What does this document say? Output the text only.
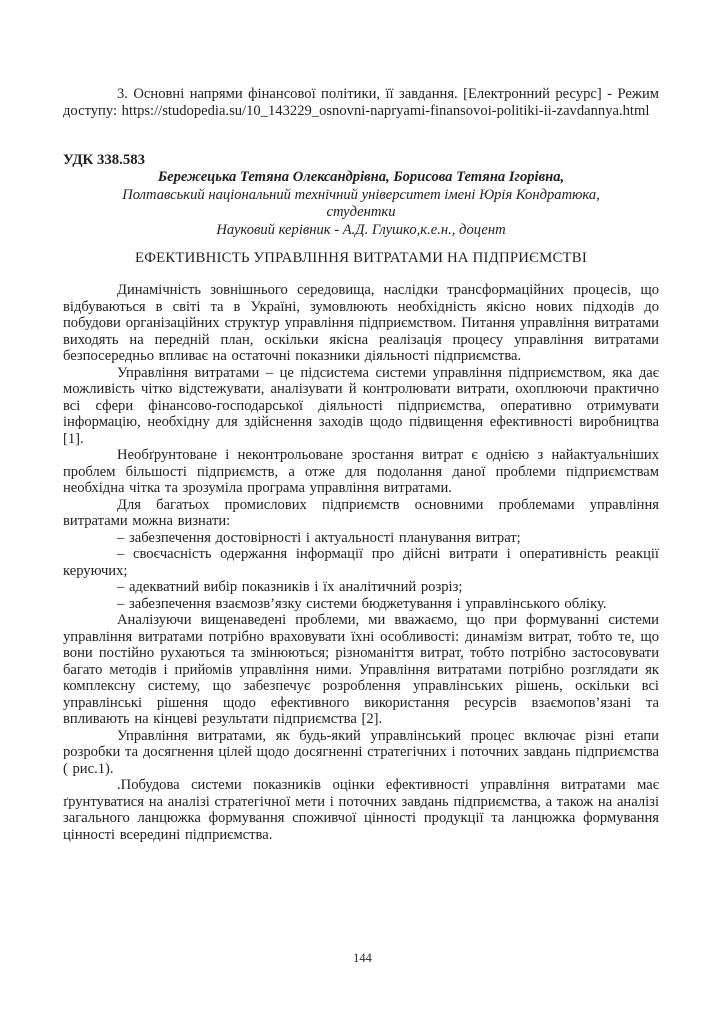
3. Основні напрями фінансової політики, її завдання. [Електронний ресурс] - Режим доступу: https://studopedia.su/10_143229_osnovni-napryami-finansovoi-politiki-ii-zavdannya.html

УДК 338.583

Бережецька Тетяна Олександрівна, Борисова Тетяна Ігорівна,

Полтавський національний технічний університет імені Юрія Кондратюка,

студентки

Науковий керівник - А.Д. Глушко,к.е.н., доцент

ЕФЕКТИВНІСТЬ УПРАВЛІННЯ ВИТРАТАМИ НА ПІДПРИЄМСТВІ

Динамічність зовнішнього середовища, наслідки трансформаційних процесів, що відбуваються в світі та в Україні, зумовлюють необхідність якісно нових підходів до побудови організаційних структур управління підприємством. Питання управління витратами виходять на передній план, оскільки якісна реалізація процесу управління витратами безпосередньо впливає на остаточні показники діяльності підприємства.

Управління витратами – це підсистема системи управління підприємством, яка дає можливість чітко відстежувати, аналізувати й контролювати витрати, охоплюючи практично всі сфери фінансово-господарської діяльності підприємства, оперативно отримувати інформацію, необхідну для здійснення заходів щодо підвищення ефективності виробництва [1].

Необґрунтоване і неконтрольоване зростання витрат є однією з найактуальніших проблем більшості підприємств, а отже для подолання даної проблеми підприємствам необхідна чітка та зрозуміла програма управління витратами.

Для багатьох промислових підприємств основними проблемами управління витратами можна визнати:

– забезпечення достовірності і актуальності планування витрат;

– своєчасність одержання інформації про дійсні витрати і оперативність реакції керуючих;

– адекватний вибір показників і їх аналітичний розріз;

– забезпечення взаємозв’язку системи бюджетування і управлінського обліку.

Аналізуючи вищенаведені проблеми, ми вважаємо, що при формуванні системи управління витратами потрібно враховувати їхні особливості: динамізм витрат, тобто те, що вони постійно рухаються та змінюються; різноманіття витрат, тобто потрібно застосовувати багато методів і прийомів управління ними. Управління витратами потрібно розглядати як комплексну систему, що забезпечує розроблення управлінських рішень, оскільки всі управлінські рішення щодо ефективного використання ресурсів взаємопов’язані та впливають на кінцеві результати підприємства [2].

Управління витратами, як будь-який управлінський процес включає різні етапи розробки та досягнення цілей щодо досягненні стратегічних і поточних завдань підприємства ( рис.1).

.Побудова системи показників оцінки ефективності управління витратами має ґрунтуватися на аналізі стратегічної мети і поточних завдань підприємства, а також на аналізі загального ланцюжка формування споживчої цінності продукції та ланцюжка формування цінності всередині підприємства.

144
